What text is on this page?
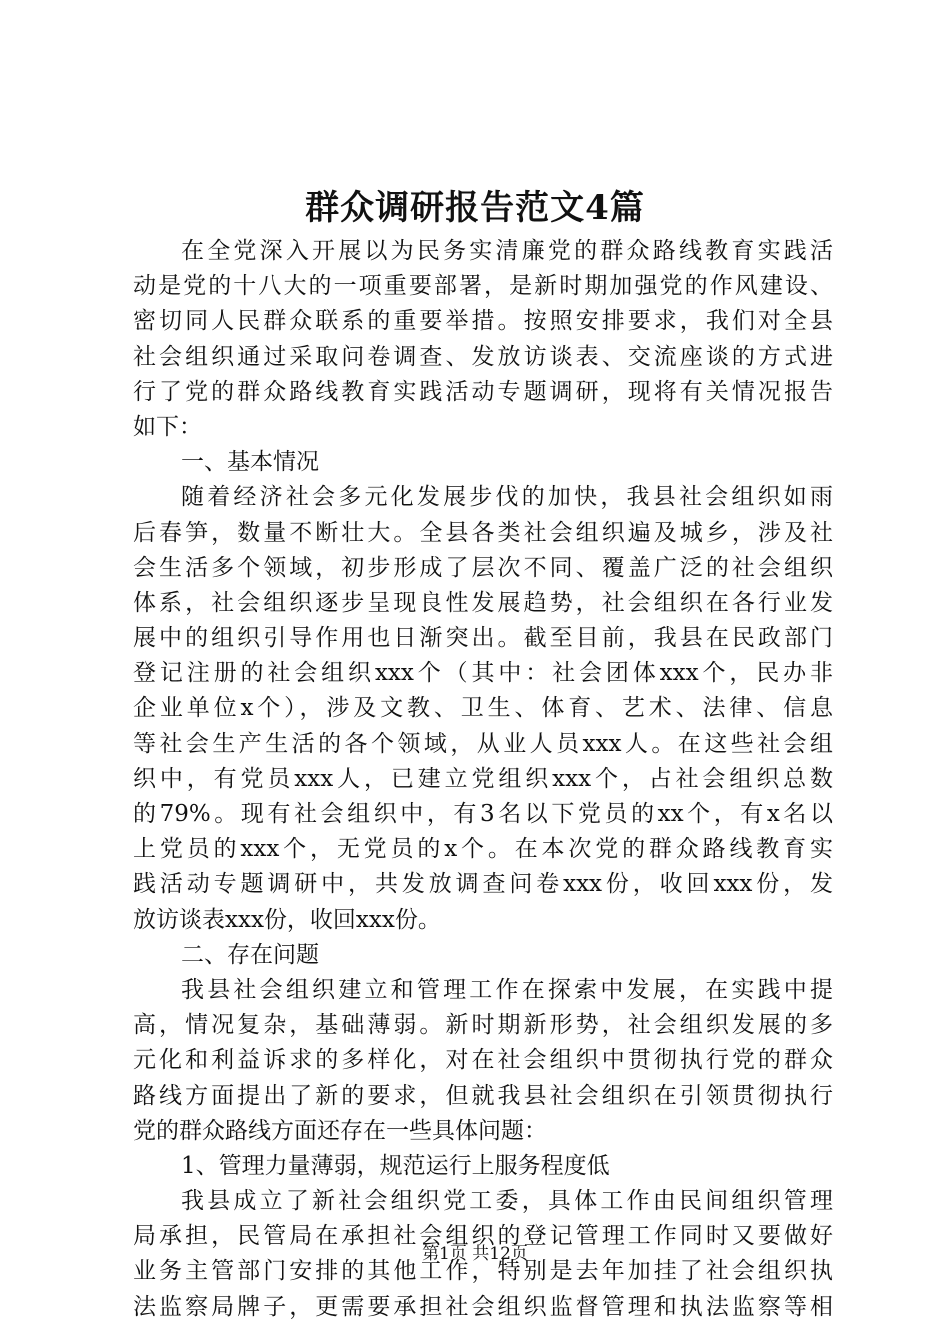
群众调研报告范文4篇
在全党深入开展以为民务实清廉党的群众路线教育实践活
动是党的十八大的一项重要部署，是新时期加强党的作风建设、
密切同人民群众联系的重要举措。按照安排要求，我们对全县
社会组织通过采取问卷调查、发放访谈表、交流座谈的方式进
行了党的群众路线教育实践活动专题调研，现将有关情况报告
如下：
一、基本情况
随着经济社会多元化发展步伐的加快，我县社会组织如雨
后春笋，数量不断壮大。全县各类社会组织遍及城乡，涉及社
会生活多个领域，初步形成了层次不同、覆盖广泛的社会组织
体系，社会组织逐步呈现良性发展趋势，社会组织在各行业发
展中的组织引导作用也日渐突出。截至目前，我县在民政部门
登记注册的社会组织xxx个（其中：社会团体xxx个，民办非
企业单位x个），涉及文教、卫生、体育、艺术、法律、信息
等社会生产生活的各个领域，从业人员xxx人。在这些社会组
织中，有党员xxx人，已建立党组织xxx个，占社会组织总数
的79%。现有社会组织中，有3名以下党员的xx个，有x名以
上党员的xxx个，无党员的x个。在本次党的群众路线教育实
践活动专题调研中，共发放调查问卷xxx份，收回xxx份，发
放访谈表xxx份，收回xxx份。
二、存在问题
我县社会组织建立和管理工作在探索中发展，在实践中提
高，情况复杂，基础薄弱。新时期新形势，社会组织发展的多
元化和利益诉求的多样化，对在社会组织中贯彻执行党的群众
路线方面提出了新的要求，但就我县社会组织在引领贯彻执行
党的群众路线方面还存在一些具体问题：
1、管理力量薄弱，规范运行上服务程度低
我县成立了新社会组织党工委，具体工作由民间组织管理
局承担，民管局在承担社会组织的登记管理工作同时又要做好
业务主管部门安排的其他工作，特别是去年加挂了社会组织执
法监察局牌子，更需要承担社会组织监督管理和执法监察等相
第1页 共12页
